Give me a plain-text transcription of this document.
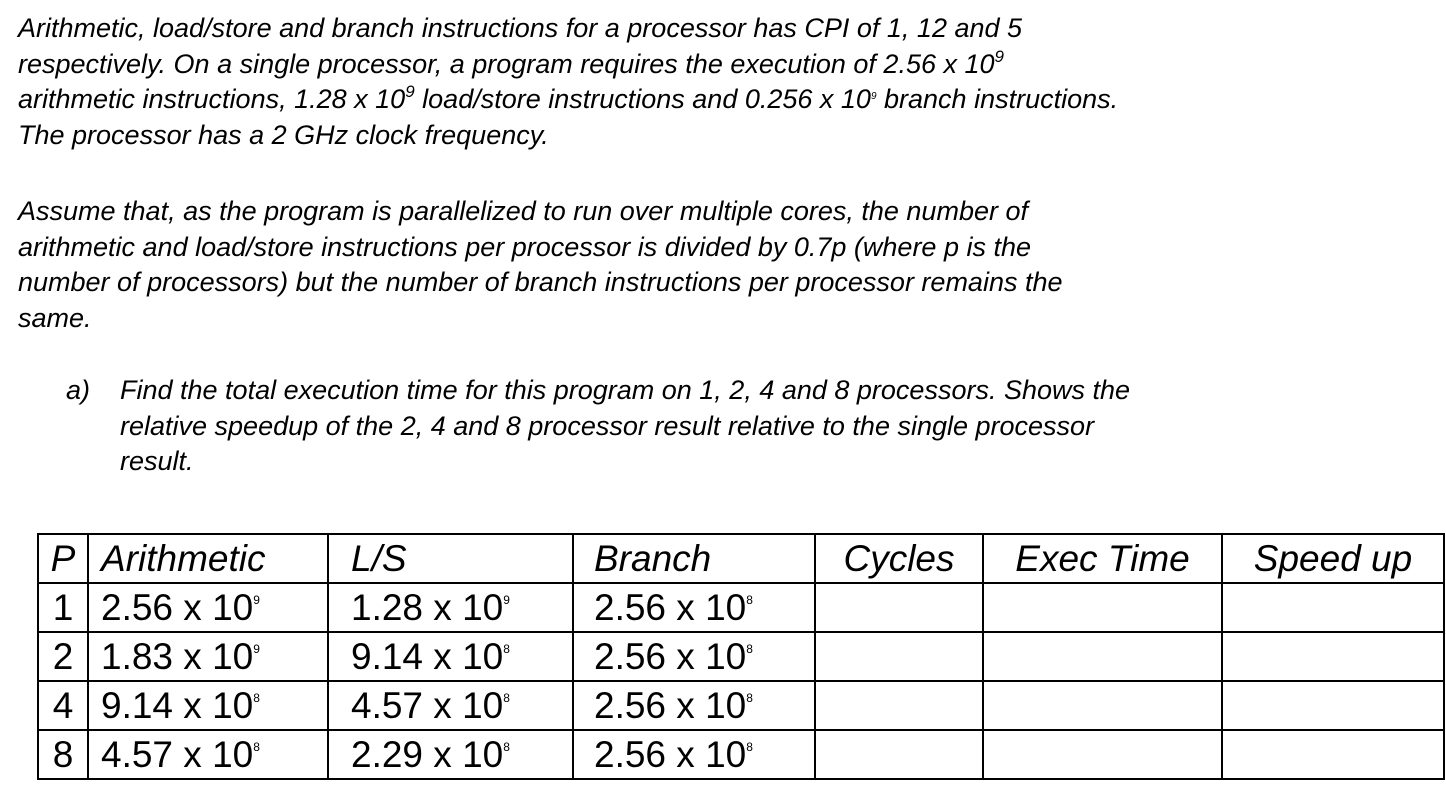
Arithmetic, load/store and branch instructions for a processor has CPI of 1, 12 and 5
respectively. On a single processor, a program requires the execution of 2.56 x $10^9$
arithmetic instructions, 1.28 x $10^9$ load/store instructions and 0.256 x $10^9$ branch instructions.
The processor has a 2 GHz clock frequency.
Assume that, as the program is parallelized to run over multiple cores, the number of
arithmetic and load/store instructions per processor is divided by 0.7p (where p is the
number of processors) but the number of branch instructions per processor remains the
same.
a) Find the total execution time for this program on 1, 2, 4 and 8 processors. Shows the
relative speedup of the 2, 4 and 8 processor result relative to the single processor
result.
P	Arithmetic	L/S	Branch	Cycles	Exec Time	Speed up
1	2.56 x $10^9$	1.28 x $10^9$	2.56 x $10^8$			
2	1.83 x $10^9$	9.14 x $10^8$	2.56 x $10^8$			
4	9.14 x $10^8$	4.57 x $10^8$	2.56 x $10^8$			
8	4.57 x $10^8$	2.29 x $10^8$	2.56 x $10^8$			
